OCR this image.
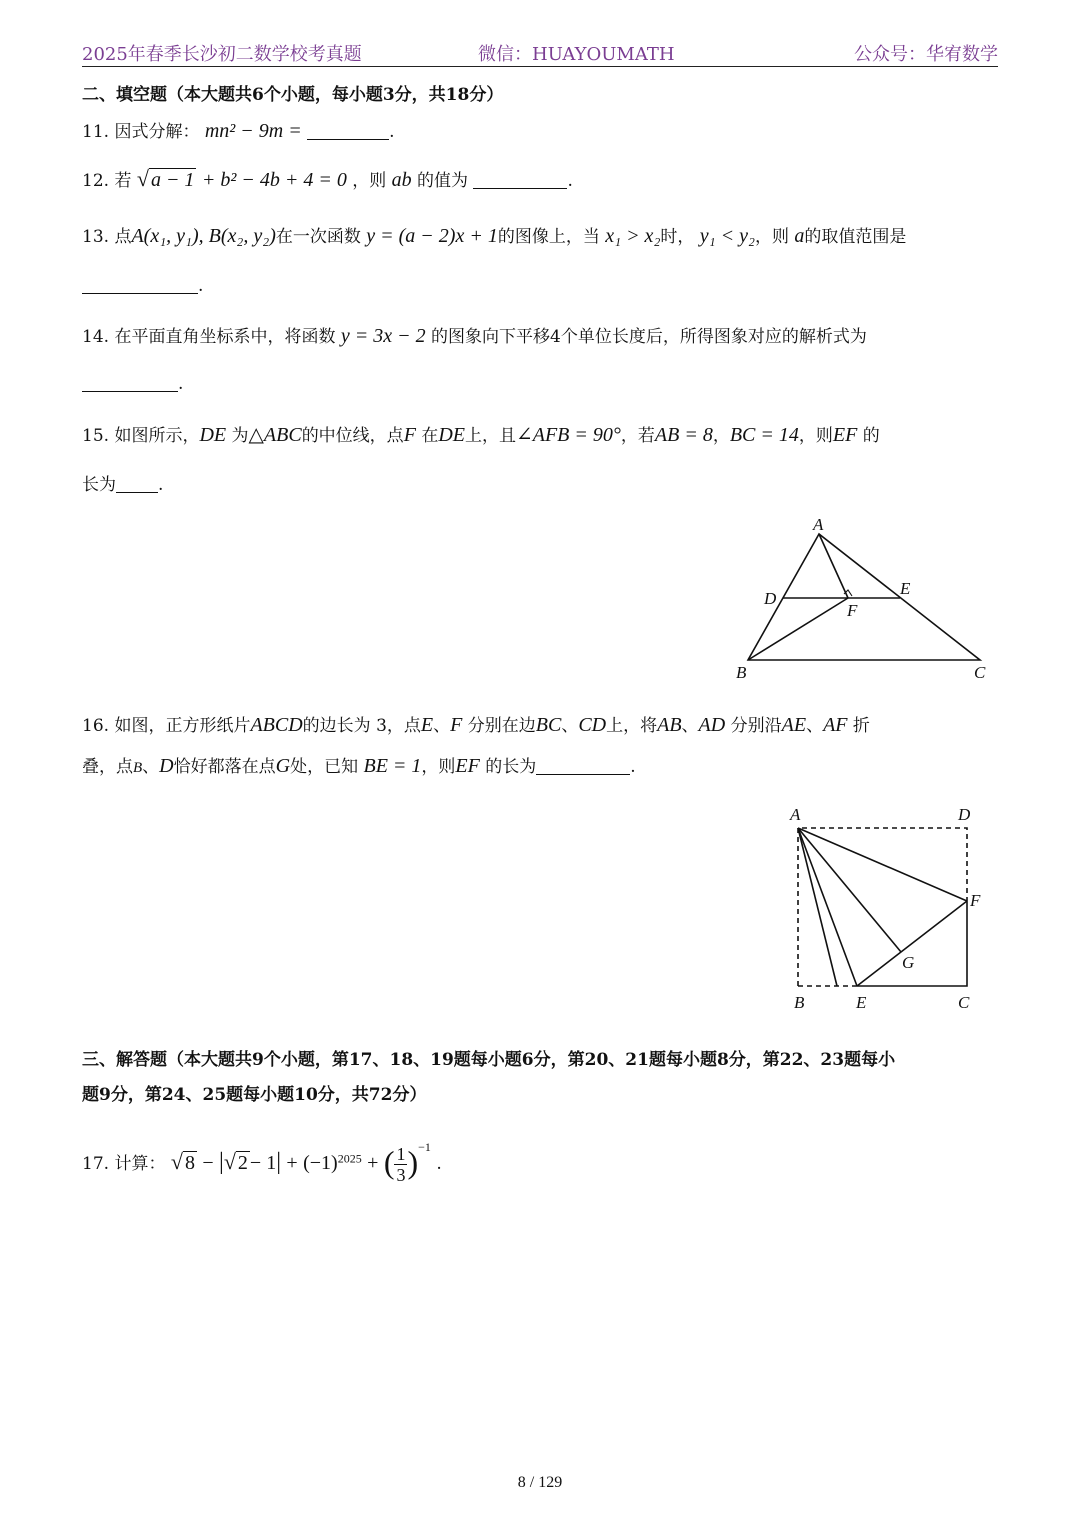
2025年春季长沙初二数学校考真题	微信：HUAYOUMATH	公众号：华宥数学
二、填空题（本大题共6个小题，每小题3分，共18分）
11. 因式分解： mn² − 9m =	.
12. 若 √ a − 1 + b² − 4b + 4 = 0 ，则 ab 的值为	.
13. 点A(x₁, y₁), B(x₂, y₂)在一次函数 y = (a − 2)x + 1的图像上，当 x₁ > x₂时， y₁ < y₂，则 a的取值范围是
.
14. 在平面直角坐标系中，将函数 y = 3x − 2 的图象向下平移4个单位长度后，所得图象对应的解析式为
.
15. 如图所示，DE 为△ABC的中位线，点F 在DE上，且∠AFB = 90°，若AB = 8，BC = 14，则EF 的
长为 .
A
D
E
F
B	C
16. 如图，正方形纸片ABCD的边长为 3，点E、F 分别在边BC、CD上，将AB、AD 分别沿AE、AF 折
叠，点B、D恰好都落在点G处，已知 BE = 1，则EF 的长为	.
A	D
F
G
B	E	C
三、解答题（本大题共9个小题，第17、18、19题每小题6分，第20、21题每小题8分，第22、23题每小
题9分，第24、25题每小题10分，共72分）
17. 计算： √ 8 − |√ $2 - 1| + (-1)^{2025}$ + ( $\frac{1}{3} )^{-1}$ .
8 / 129
